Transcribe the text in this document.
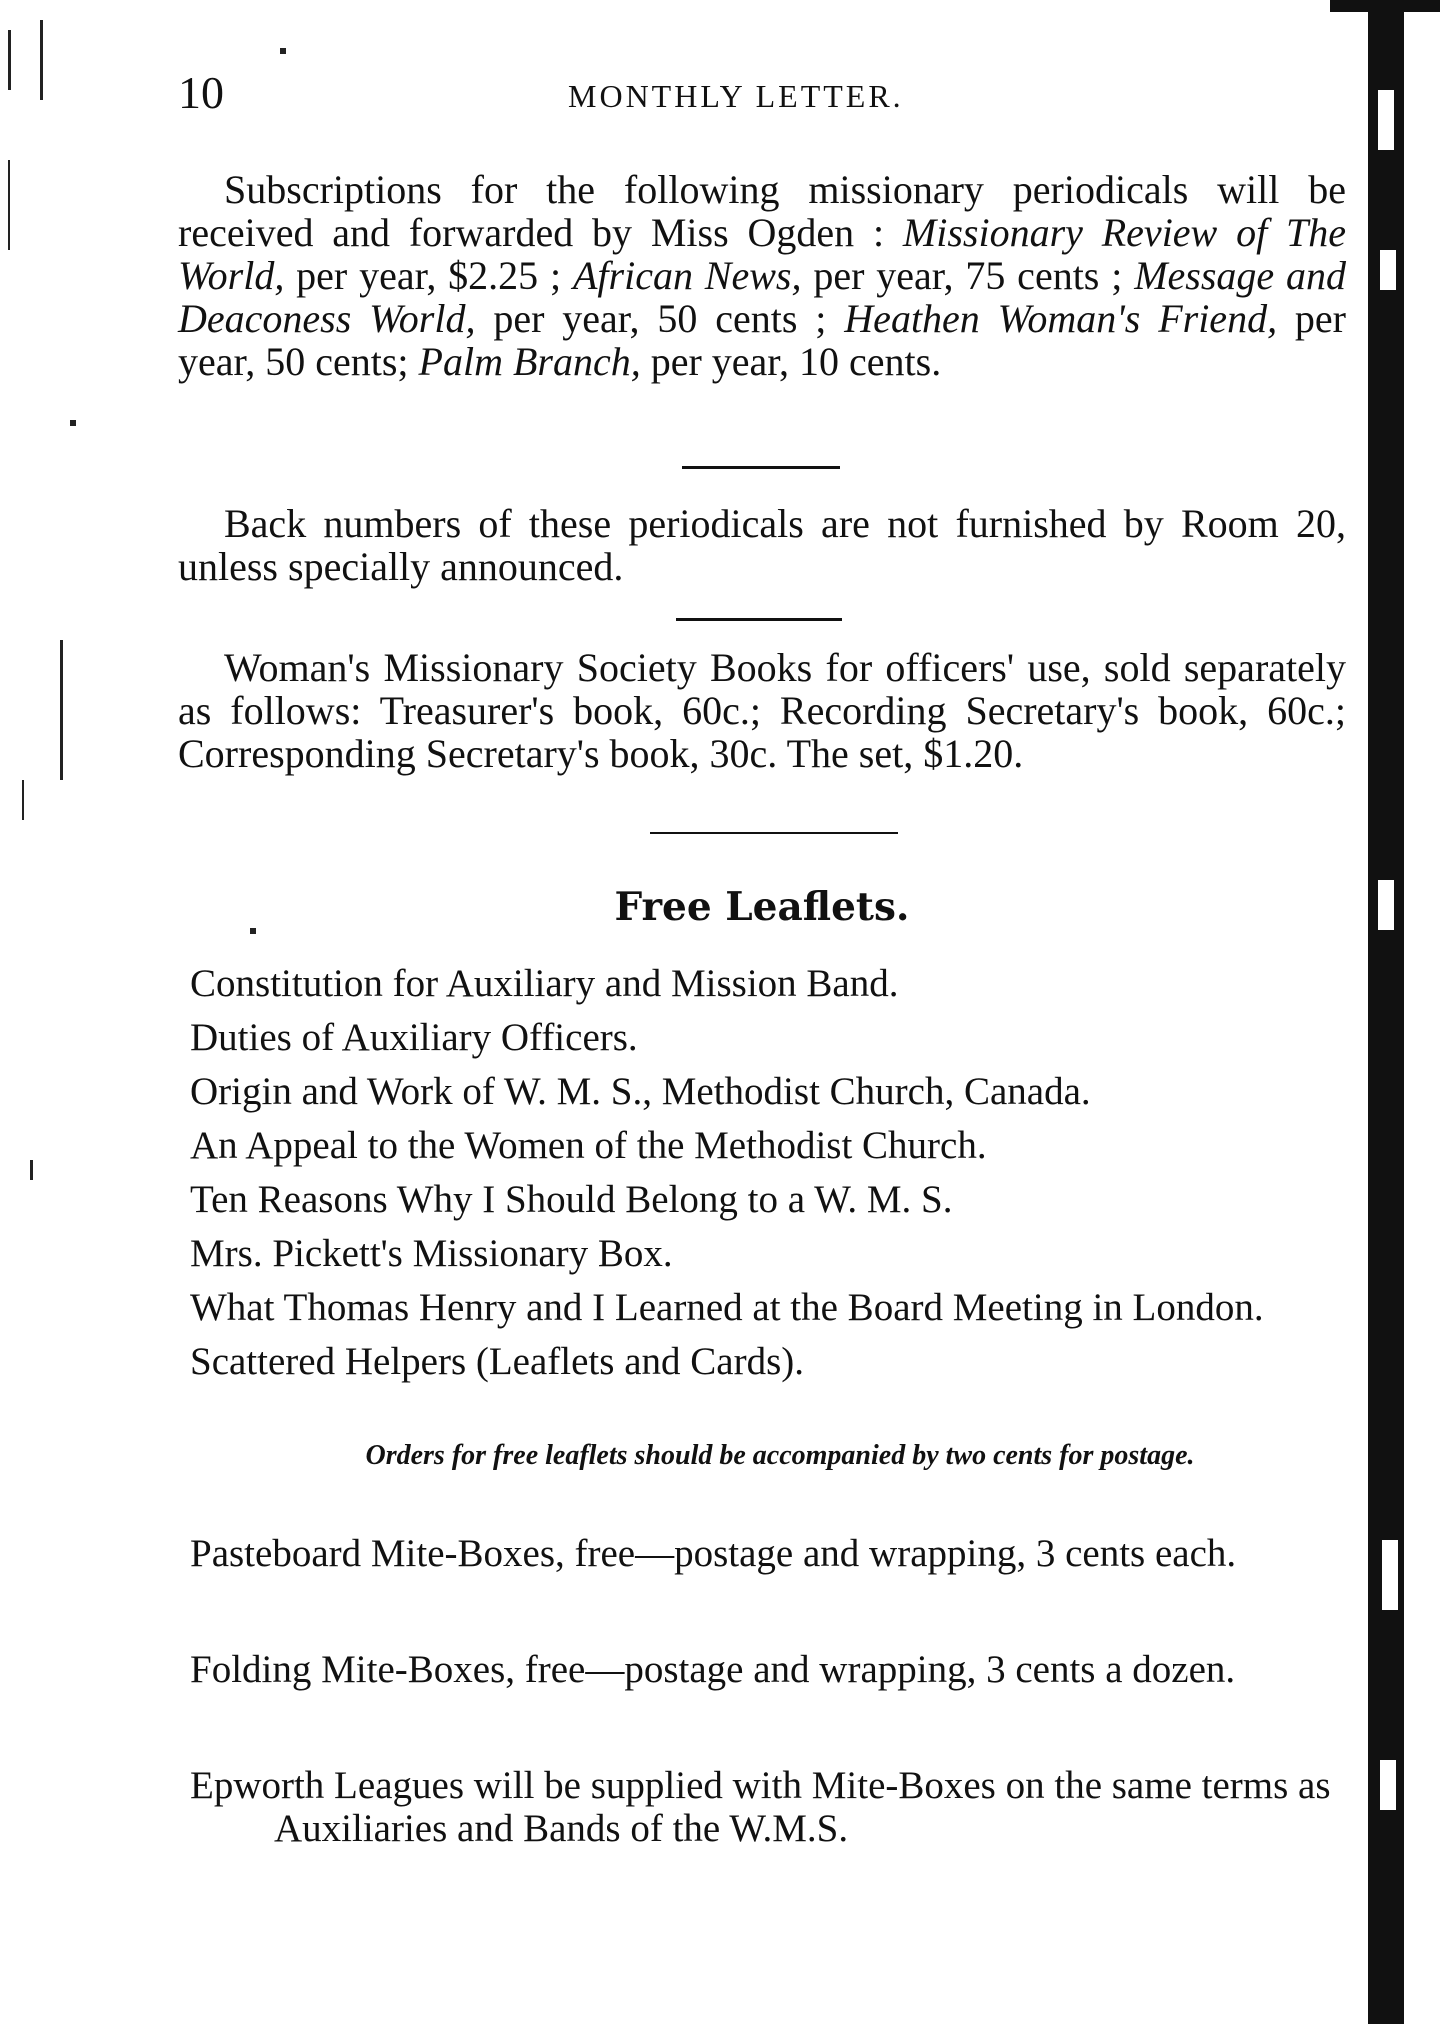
10	MONTHLY LETTER.

Subscriptions for the following missionary periodicals will be received and forwarded by Miss Ogden : Missionary Review of The World, per year, $2.25 ; African News, per year, 75 cents ; Message and Deaconess World, per year, 50 cents ; Heathen Woman's Friend, per year, 50 cents; Palm Branch, per year, 10 cents.

Back numbers of these periodicals are not furnished by Room 20, unless specially announced.

Woman's Missionary Society Books for officers' use, sold separately as follows: Treasurer's book, 60c.; Recording Secretary's book, 60c.; Corresponding Secretary's book, 30c. The set, $1.20.

Free Leaflets.
Constitution for Auxiliary and Mission Band.
Duties of Auxiliary Officers.
Origin and Work of W. M. S., Methodist Church, Canada.
An Appeal to the Women of the Methodist Church.
Ten Reasons Why I Should Belong to a W. M. S.
Mrs. Pickett's Missionary Box.
What Thomas Henry and I Learned at the Board Meeting in London.
Scattered Helpers (Leaflets and Cards).

Orders for free leaflets should be accompanied by two cents for postage.

Pasteboard Mite-Boxes, free—postage and wrapping, 3 cents each.

Folding Mite-Boxes, free—postage and wrapping, 3 cents a dozen.

Epworth Leagues will be supplied with Mite-Boxes on the same terms as Auxiliaries and Bands of the W.M.S.
